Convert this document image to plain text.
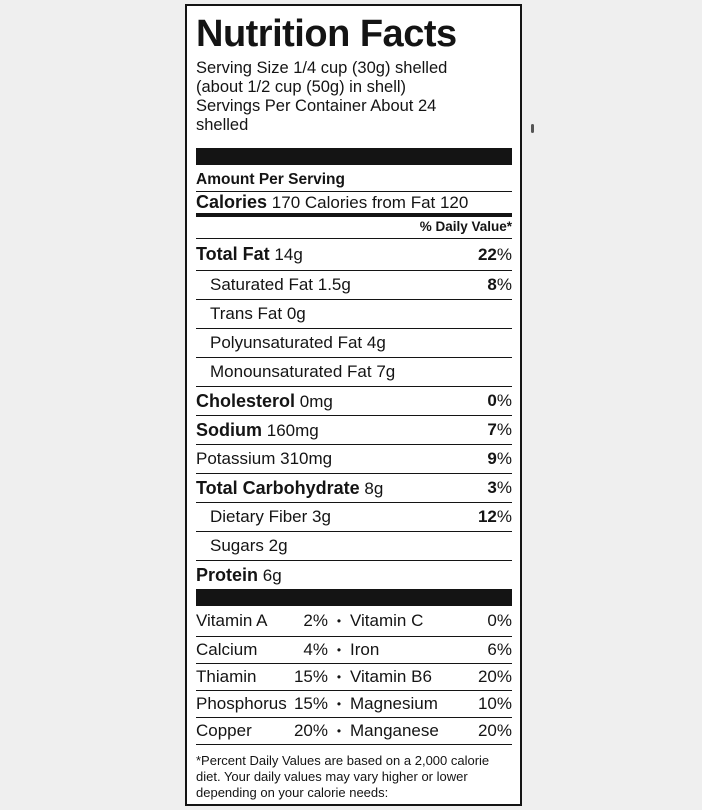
Nutrition Facts
Serving Size 1/4 cup (30g) shelled
(about 1/2 cup (50g) in shell)
Servings Per Container About 24
shelled
Amount Per Serving
Calories 170 Calories from Fat 120
% Daily Value*
Total Fat 14g	22%
Saturated Fat 1.5g	8%
Trans Fat 0g
Polyunsaturated Fat 4g
Monounsaturated Fat 7g
Cholesterol 0mg	0%
Sodium 160mg	7%
Potassium 310mg	9%
Total Carbohydrate 8g	3%
Dietary Fiber 3g	12%
Sugars 2g
Protein 6g
Vitamin A	2% • Vitamin C	0%
Calcium	4% • Iron	6%
Thiamin	15% • Vitamin B6	20%
Phosphorus 15% • Magnesium	10%
Copper	20% • Manganese	20%
*Percent Daily Values are based on a 2,000 calorie diet. Your daily values may vary higher or lower depending on your calorie needs:
